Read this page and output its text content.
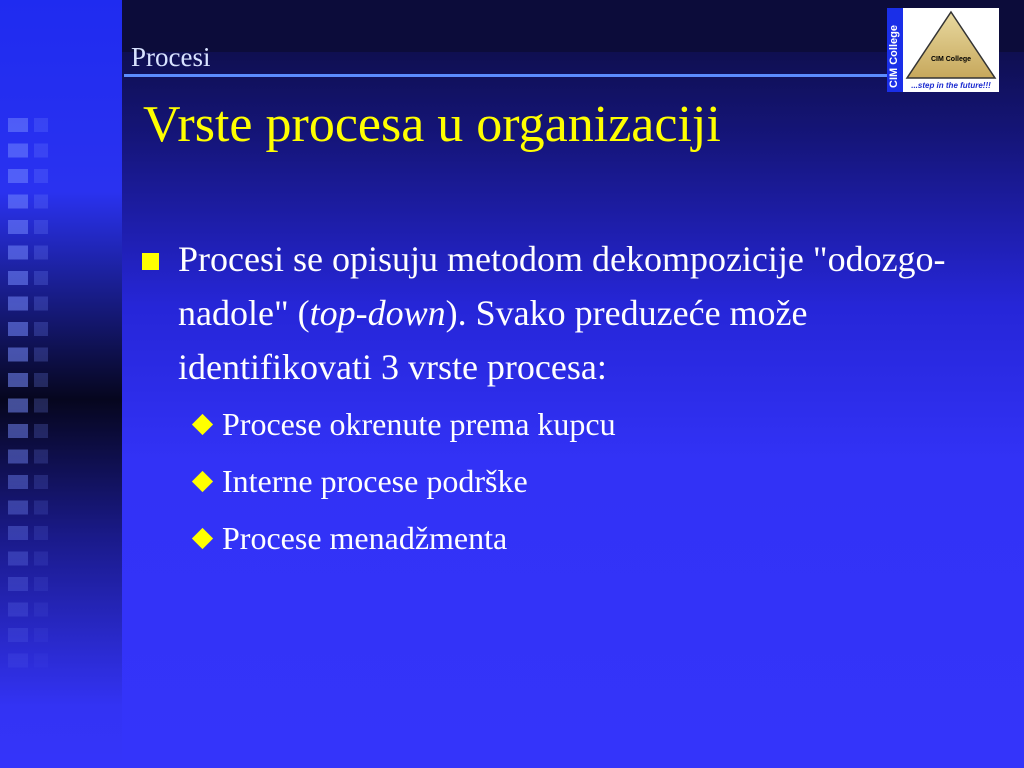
Procesi	CIM College	CIM College
...step in the future!!!
Vrste procesa u organizaciji
Procesi se opisuju metodom dekompozicije "odozgo-nadole" (top-down). Svako preduzeće može identifikovati 3 vrste procesa:
Procese okrenute prema kupcu
Interne procese podrške
Procese menadžmenta
